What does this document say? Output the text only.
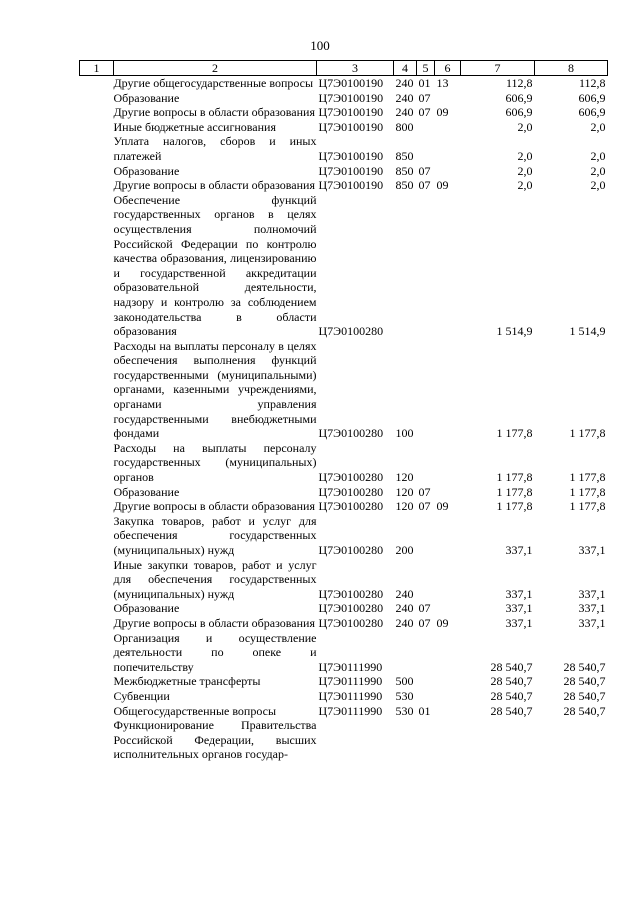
100
1	2	3	4	5	6	7	8
	Другие общегосударственные вопросы	Ц7Э0100190	240	01	13	112,8	112,8
	Образование	Ц7Э0100190	240	07		606,9	606,9
	Другие вопросы в области образования	Ц7Э0100190	240	07	09	606,9	606,9
	Иные бюджетные ассигнования	Ц7Э0100190	800			2,0	2,0
	Уплата налогов, сборов и иных платежей	Ц7Э0100190	850			2,0	2,0
	Образование	Ц7Э0100190	850	07		2,0	2,0
	Другие вопросы в области образования	Ц7Э0100190	850	07	09	2,0	2,0
	Обеспечение функций государственных органов в целях осуществления полномочий Российской Федерации по контролю качества образования, лицензированию и государственной аккредитации образовательной деятельности, надзору и контролю за соблюдением законодательства в области образования	Ц7Э0100280				1 514,9	1 514,9
	Расходы на выплаты персоналу в целях обеспечения выполнения функций государственными (муниципальными) органами, казенными учреждениями, органами управления государственными внебюджетными фондами	Ц7Э0100280	100			1 177,8	1 177,8
	Расходы на выплаты персоналу государственных (муниципальных) органов	Ц7Э0100280	120			1 177,8	1 177,8
	Образование	Ц7Э0100280	120	07		1 177,8	1 177,8
	Другие вопросы в области образования	Ц7Э0100280	120	07	09	1 177,8	1 177,8
	Закупка товаров, работ и услуг для обеспечения государственных (муниципальных) нужд	Ц7Э0100280	200			337,1	337,1
	Иные закупки товаров, работ и услуг для обеспечения государственных (муниципальных) нужд	Ц7Э0100280	240			337,1	337,1
	Образование	Ц7Э0100280	240	07		337,1	337,1
	Другие вопросы в области образования	Ц7Э0100280	240	07	09	337,1	337,1
	Организация и осуществление деятельности по опеке и попечительству	Ц7Э0111990				28 540,7	28 540,7
	Межбюджетные трансферты	Ц7Э0111990	500			28 540,7	28 540,7
	Субвенции	Ц7Э0111990	530			28 540,7	28 540,7
	Общегосударственные вопросы	Ц7Э0111990	530	01		28 540,7	28 540,7
	Функционирование Правительства Российской Федерации, высших исполнительных органов государ-						
